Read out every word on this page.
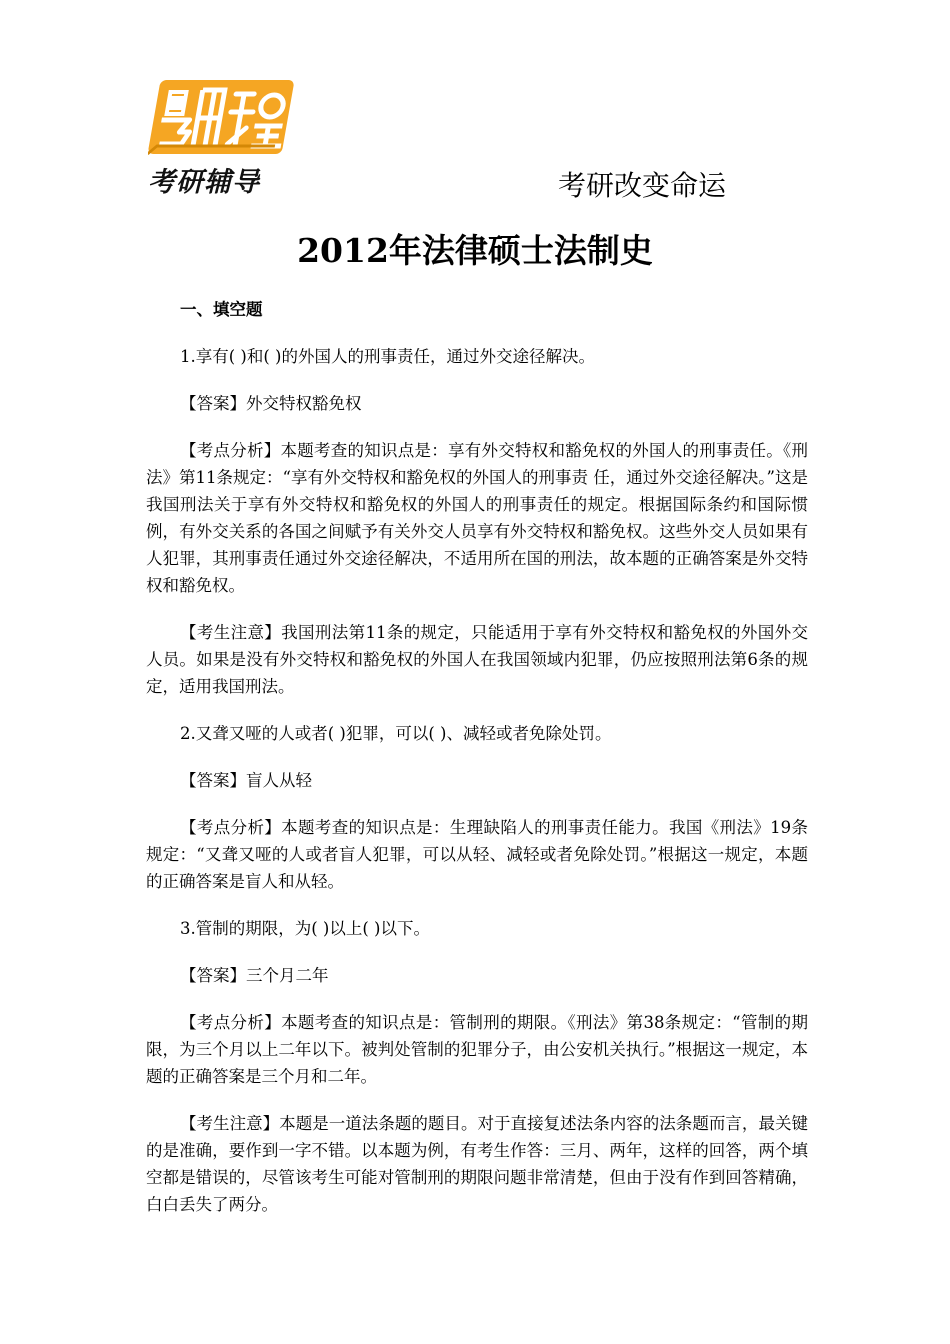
考研辅导	考研改变命运
2012年法律硕士法制史
一、填空题

1.享有( )和( )的外国人的刑事责任，通过外交途径解决。

【答案】外交特权豁免权

【考点分析】本题考查的知识点是：享有外交特权和豁免权的外国人的刑事责任。《刑法》第11条规定：“享有外交特权和豁免权的外国人的刑事责 任，通过外交途径解决。”这是我国刑法关于享有外交特权和豁免权的外国人的刑事责任的规定。根据国际条约和国际惯例，有外交关系的各国之间赋予有关外交人员享有外交特权和豁免权。这些外交人员如果有人犯罪，其刑事责任通过外交途径解决，不适用所在国的刑法，故本题的正确答案是外交特权和豁免权。

【考生注意】我国刑法第11条的规定，只能适用于享有外交特权和豁免权的外国外交人员。如果是没有外交特权和豁免权的外国人在我国领域内犯罪，仍应按照刑法第6条的规定，适用我国刑法。

2.又聋又哑的人或者( )犯罪，可以( )、减轻或者免除处罚。

【答案】盲人从轻

【考点分析】本题考查的知识点是：生理缺陷人的刑事责任能力。我国《刑法》19条规定：“又聋又哑的人或者盲人犯罪，可以从轻、减轻或者免除处罚。”根据这一规定，本题的正确答案是盲人和从轻。

3.管制的期限，为( )以上( )以下。

【答案】三个月二年

【考点分析】本题考查的知识点是：管制刑的期限。《刑法》第38条规定：“管制的期限，为三个月以上二年以下。被判处管制的犯罪分子，由公安机关执行。”根据这一规定，本题的正确答案是三个月和二年。

【考生注意】本题是一道法条题的题目。对于直接复述法条内容的法条题而言，最关键的是准确，要作到一字不错。以本题为例，有考生作答：三月、两年，这样的回答，两个填空都是错误的，尽管该考生可能对管制刑的期限问题非常清楚，但由于没有作到回答精确，白白丢失了两分。
